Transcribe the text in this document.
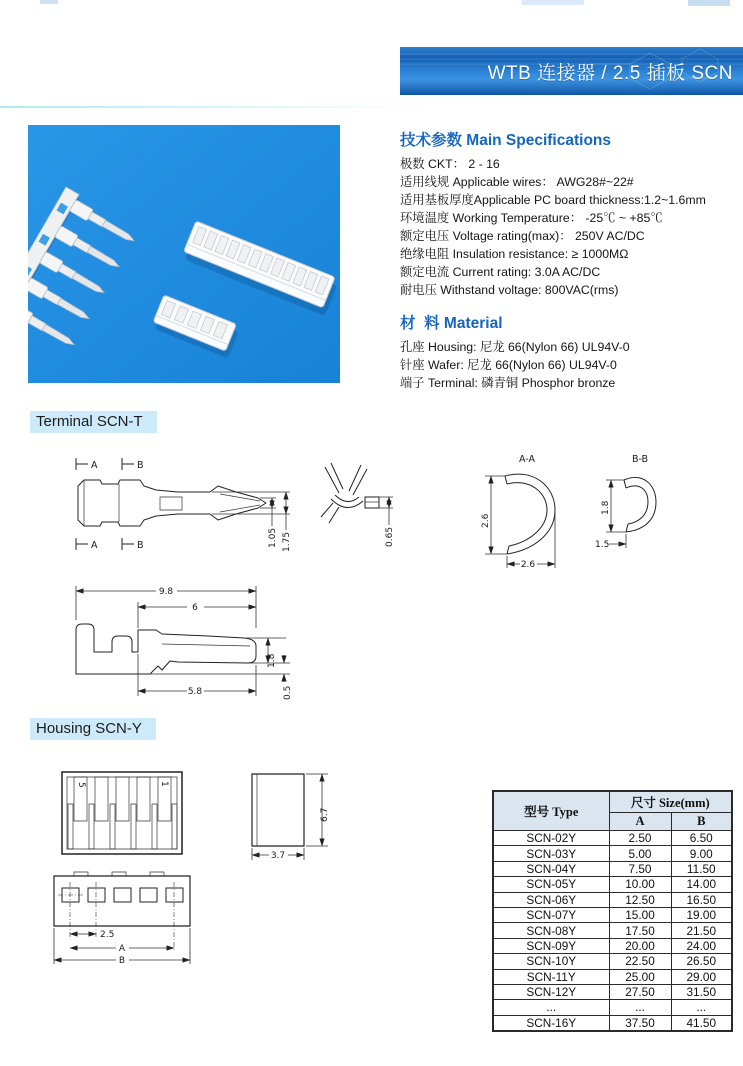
WTB 连接器 / 2.5 插板 SCN
技术参数 Main Specifications
极数 CKT： 2 - 16
适用线规 Applicable wires： AWG28#~22#
适用基板厚度Applicable PC board thickness:1.2~1.6mm
环境温度 Working Temperature： -25℃ ~ +85℃
额定电压 Voltage rating(max)： 250V AC/DC
绝缘电阻 Insulation resistance: ≥ 1000MΩ
额定电流 Current rating: 3.0A AC/DC
耐电压 Withstand voltage: 800VAC(rms)
材  料 Material
孔座 Housing: 尼龙 66(Nylon 66) UL94V-0
针座 Wafer: 尼龙 66(Nylon 66) UL94V-0
端子 Terminal: 磷青铜 Phosphor bronze
Terminal SCN-T
Housing SCN-Y
A	B
1.05 1.75
A	B	0.65
A-A
2.6
2.6
B-B
1.8
1.5
9.8
6
1.8
0.5
5.8
5	1
6.7
3.7
2.5
A
B
型号 Type	尺寸 Size(mm)	
	A	B
SCN-02Y	2.50	6.50
SCN-03Y	5.00	9.00
SCN-04Y	7.50	11.50
SCN-05Y	10.00	14.00
SCN-06Y	12.50	16.50
SCN-07Y	15.00	19.00
SCN-08Y	17.50	21.50
SCN-09Y	20.00	24.00
SCN-10Y	22.50	26.50
SCN-11Y	25.00	29.00
SCN-12Y	27.50	31.50
...	...	...
SCN-16Y	37.50	41.50
